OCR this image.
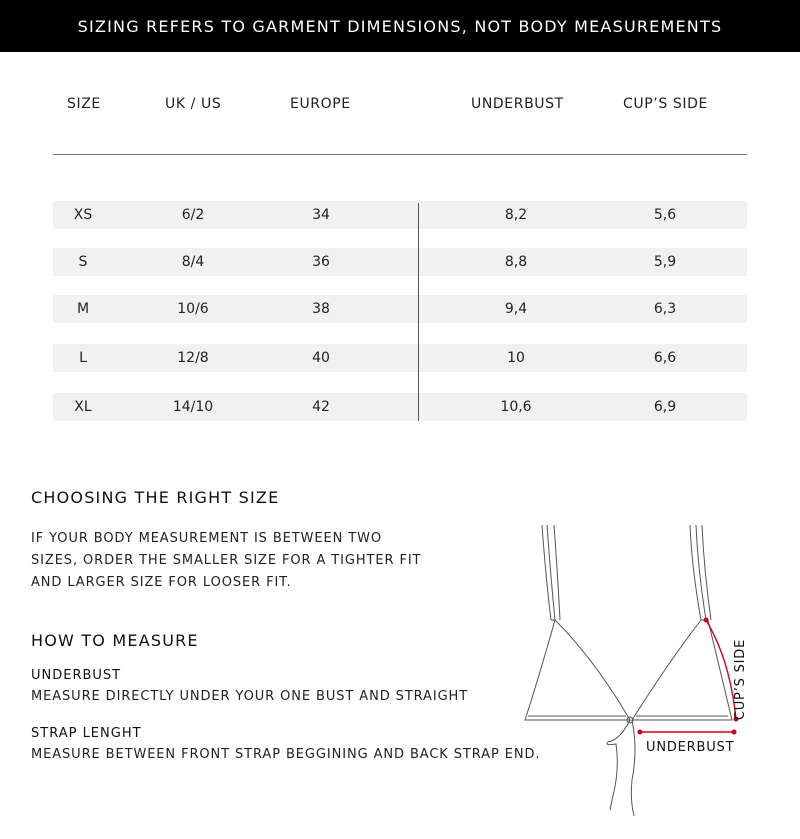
SIZING REFERS TO GARMENT DIMENSIONS, NOT BODY MEASUREMENTS
SIZE	UK / US	EUROPE	UNDERBUST	CUP’S SIDE
XS	6/2	34	8,2	5,6
S	8/4	36	8,8	5,9
M	10/6	38	9,4	6,3
L	12/8	40	10	6,6
XL	14/10	42	10,6	6,9
CHOOSING THE RIGHT SIZE
IF YOUR BODY MEASUREMENT IS BETWEEN TWO
SIZES, ORDER THE SMALLER SIZE FOR A TIGHTER FIT
AND LARGER SIZE FOR LOOSER FIT.
HOW TO MEASURE
UNDERBUST
MEASURE DIRECTLY UNDER YOUR ONE BUST AND STRAIGHT
STRAP LENGHT
MEASURE BETWEEN FRONT STRAP BEGGINING AND BACK STRAP END.
CUP’S SIDE
UNDERBUST
